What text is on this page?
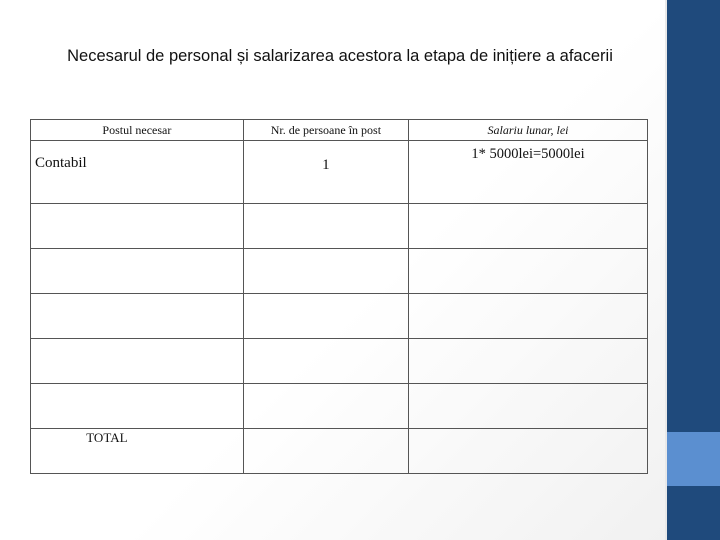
Necesarul de personal și salarizarea acestora la etapa de inițiere a afacerii
Postul necesar	Nr. de persoane în post	Salariu lunar, lei
Contabil	1	1* 5000lei=5000lei

TOTAL		
